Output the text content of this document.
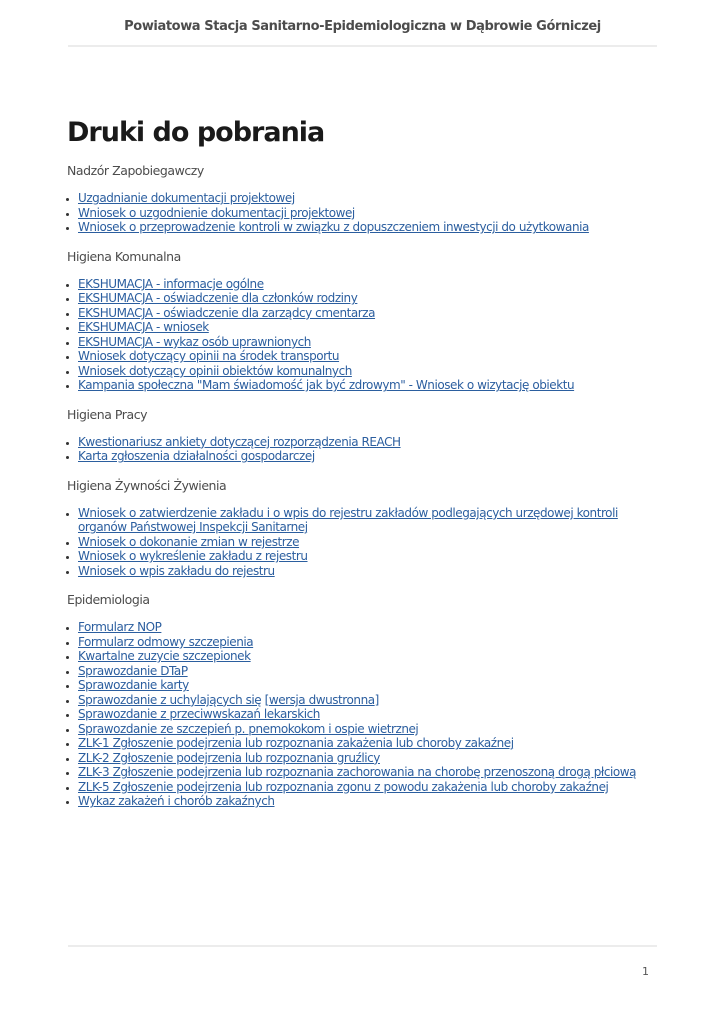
Powiatowa Stacja Sanitarno-Epidemiologiczna w Dąbrowie Górniczej
Druki do pobrania

Nadzór Zapobiegawczy

• Uzgadnianie dokumentacji projektowej
• Wniosek o uzgodnienie dokumentacji projektowej
• Wniosek o przeprowadzenie kontroli w związku z dopuszczeniem inwestycji do użytkowania

Higiena Komunalna

• EKSHUMACJA - informacje ogólne
• EKSHUMACJA - oświadczenie dla członków rodziny
• EKSHUMACJA - oświadczenie dla zarządcy cmentarza
• EKSHUMACJA - wniosek
• EKSHUMACJA - wykaz osób uprawnionych
• Wniosek dotyczący opinii na środek transportu
• Wniosek dotyczący opinii obiektów komunalnych
• Kampania społeczna "Mam świadomość jak być zdrowym" - Wniosek o wizytację obiektu

Higiena Pracy

• Kwestionariusz ankiety dotyczącej rozporządzenia REACH
• Karta zgłoszenia działalności gospodarczej

Higiena Żywności Żywienia

• Wniosek o zatwierdzenie zakładu i o wpis do rejestru zakładów podlegających urzędowej kontroli organów Państwowej Inspekcji Sanitarnej
• Wniosek o dokonanie zmian w rejestrze
• Wniosek o wykreślenie zakładu z rejestru
• Wniosek o wpis zakładu do rejestru

Epidemiologia

• Formularz NOP
• Formularz odmowy szczepienia
• Kwartalne zuzycie szczepionek
• Sprawozdanie DTaP
• Sprawozdanie karty
• Sprawozdanie z uchylających się [wersja dwustronna]
• Sprawozdanie z przeciwwskazań lekarskich
• Sprawozdanie ze szczepień p. pnemokokom i ospie wietrznej
• ZLK-1 Zgłoszenie podejrzenia lub rozpoznania zakażenia lub choroby zakaźnej
• ZLK-2 Zgłoszenie podejrzenia lub rozpoznania gruźlicy
• ZLK-3 Zgłoszenie podejrzenia lub rozpoznania zachorowania na chorobę przenoszoną drogą płciową
• ZLK-5 Zgłoszenie podejrzenia lub rozpoznania zgonu z powodu zakażenia lub choroby zakaźnej
• Wykaz zakażeń i chorób zakaźnych
1
